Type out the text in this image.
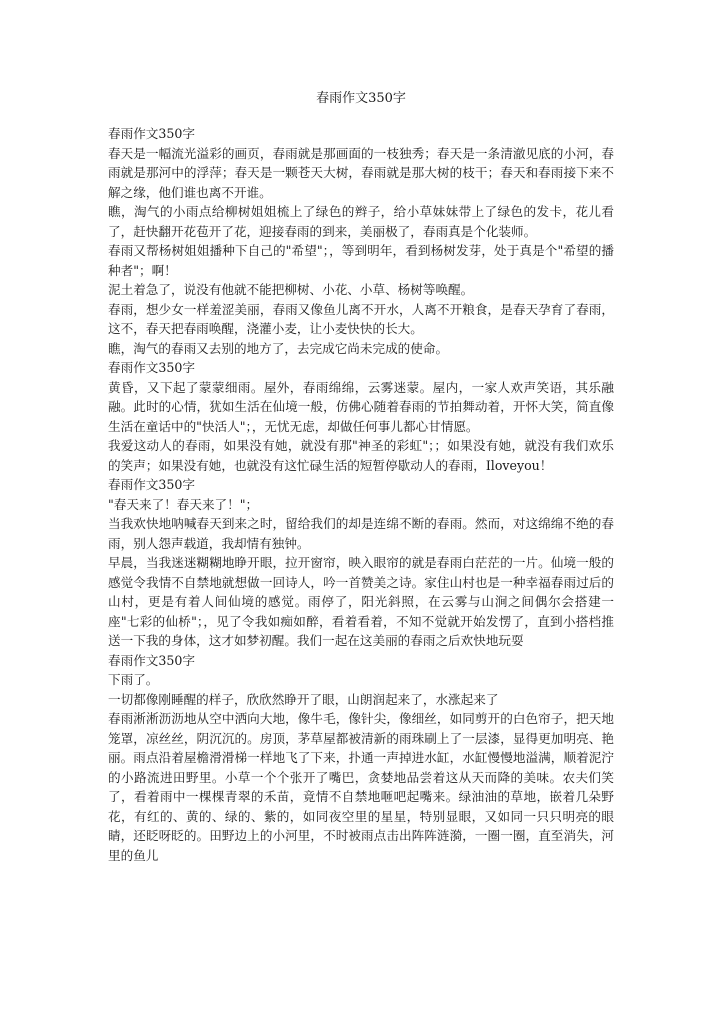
春雨作文350字

春雨作文350字

春天是一幅流光溢彩的画页，春雨就是那画面的一枝独秀；春天是一条清澈见底的小河，春雨就是那河中的浮萍；春天是一颗苍天大树，春雨就是那大树的枝干；春天和春雨接下来不解之缘，他们谁也离不开谁。

瞧，淘气的小雨点给柳树姐姐梳上了绿色的辫子，给小草妹妹带上了绿色的发卡，花儿看了，赶快翻开花苞开了花，迎接春雨的到来，美丽极了，春雨真是个化装师。

春雨又帮杨树姐姐播种下自己的"希望"；，等到明年，看到杨树发芽，处于真是个"希望的播种者"；啊！

泥土着急了，说没有他就不能把柳树、小花、小草、杨树等唤醒。

春雨，想少女一样羞涩美丽，春雨又像鱼儿离不开水，人离不开粮食，是春天孕育了春雨，这不，春天把春雨唤醒，浇灌小麦，让小麦快快的长大。

瞧，淘气的春雨又去别的地方了，去完成它尚未完成的使命。

春雨作文350字

黄昏，又下起了蒙蒙细雨。屋外，春雨绵绵，云雾迷蒙。屋内，一家人欢声笑语，其乐融融。此时的心情，犹如生活在仙境一般，仿佛心随着春雨的节拍舞动着，开怀大笑，简直像生活在童话中的"快活人"；，无忧无虑，却做任何事儿都心甘情愿。

我爱这动人的春雨，如果没有她，就没有那"神圣的彩虹"；；如果没有她，就没有我们欢乐的笑声；如果没有她，也就没有这忙碌生活的短暂停歇动人的春雨，Iloveyou！

春雨作文350字

"春天来了！春天来了！"；

当我欢快地呐喊春天到来之时，留给我们的却是连绵不断的春雨。然而，对这绵绵不绝的春雨，别人怨声载道，我却情有独钟。

早晨，当我迷迷糊糊地睁开眼，拉开窗帘，映入眼帘的就是春雨白茫茫的一片。仙境一般的感觉令我情不自禁地就想做一回诗人，吟一首赞美之诗。家住山村也是一种幸福春雨过后的山村，更是有着人间仙境的感觉。雨停了，阳光斜照，在云雾与山涧之间偶尔会搭建一座"七彩的仙桥"；，见了令我如痴如醉，看着看着，不知不觉就开始发愣了，直到小搭档推送一下我的身体，这才如梦初醒。我们一起在这美丽的春雨之后欢快地玩耍

春雨作文350字

下雨了。

一切都像刚睡醒的样子，欣欣然睁开了眼，山朗润起来了，水涨起来了

春雨淅淅沥沥地从空中洒向大地，像牛毛，像针尖，像细丝，如同剪开的白色帘子，把天地笼罩，凉丝丝，阴沉沉的。房顶，茅草屋都被清新的雨珠刷上了一层漆，显得更加明亮、艳丽。雨点沿着屋檐滑滑梯一样地飞了下来，扑通一声掉进水缸，水缸慢慢地溢满，顺着泥泞的小路流进田野里。小草一个个张开了嘴巴，贪婪地品尝着这从天而降的美味。农夫们笑了，看着雨中一棵棵青翠的禾苗，竟情不自禁地咂吧起嘴来。绿油油的草地，嵌着几朵野花，有红的、黄的、绿的、紫的，如同夜空里的星星，特别显眼，又如同一只只明亮的眼睛，还眨呀眨的。田野边上的小河里，不时被雨点击出阵阵涟漪，一圈一圈，直至消失，河里的鱼儿
